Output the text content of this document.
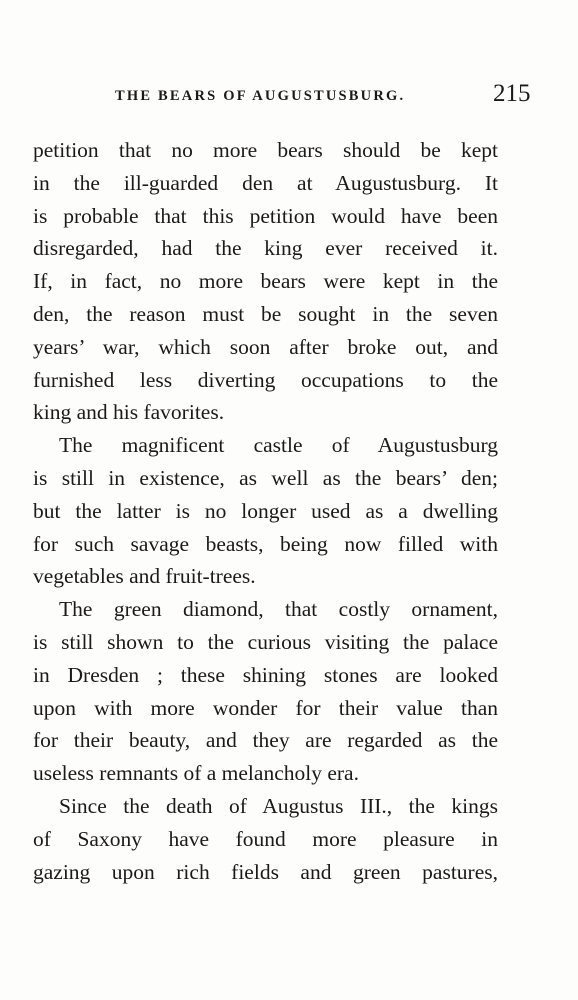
THE BEARS OF AUGUSTUSBURG.	215
petition that no more bears should be kept
in the ill-guarded den at Augustusburg. It
is probable that this petition would have been
disregarded, had the king ever received it.
If, in fact, no more bears were kept in the
den, the reason must be sought in the seven
years’ war, which soon after broke out, and
furnished less diverting occupations to the
king and his favorites.
The magnificent castle of Augustusburg
is still in existence, as well as the bears’ den;
but the latter is no longer used as a dwelling
for such savage beasts, being now filled with
vegetables and fruit-trees.
The green diamond, that costly ornament,
is still shown to the curious visiting the palace
in Dresden ; these shining stones are looked
upon with more wonder for their value than
for their beauty, and they are regarded as the
useless remnants of a melancholy era.
Since the death of Augustus III., the kings
of Saxony have found more pleasure in
gazing upon rich fields and green pastures,
